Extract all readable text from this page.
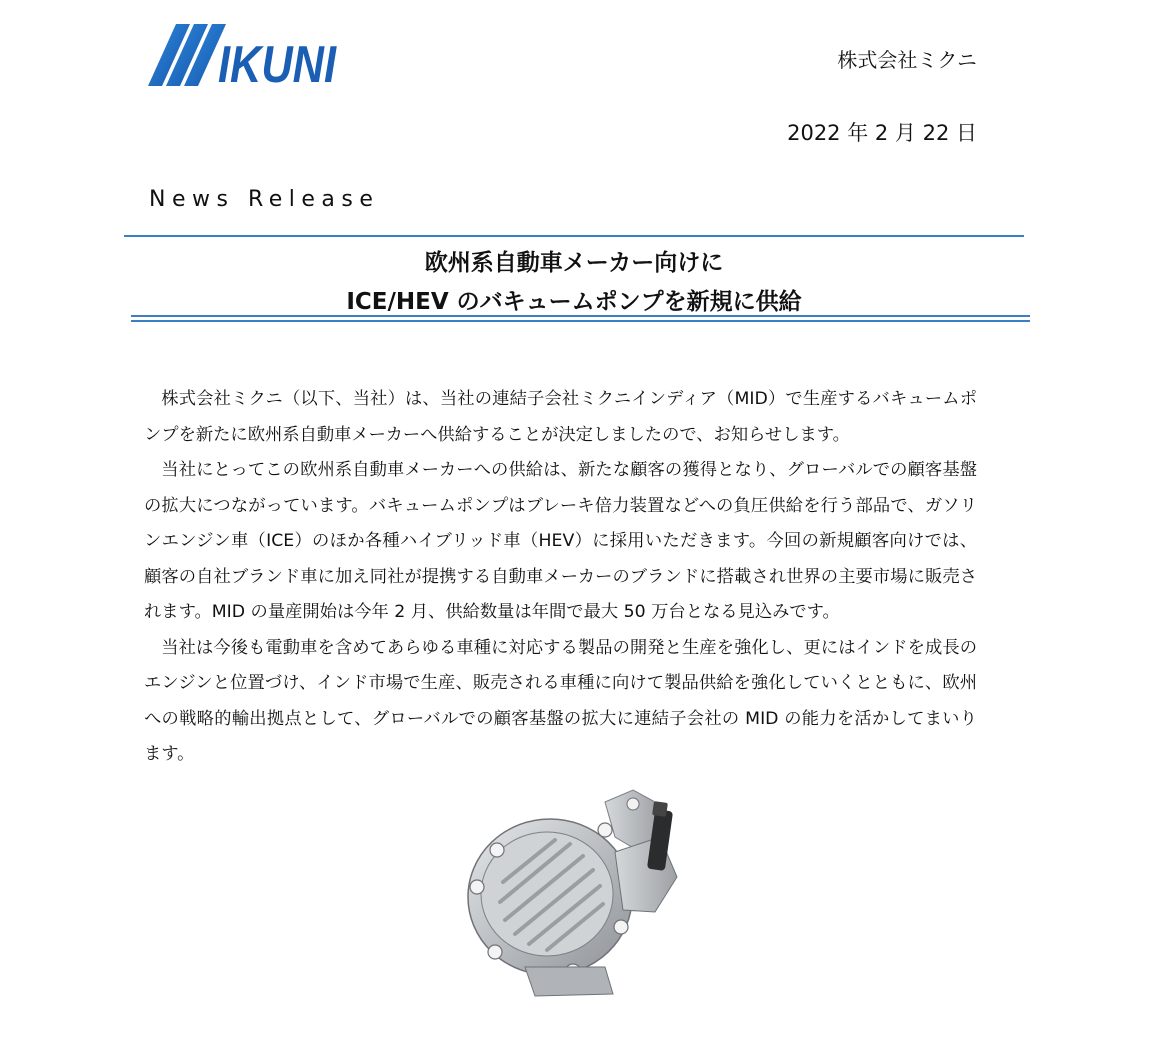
IKUNI	株式会社ミクニ
2022 年 2 月 22 日
News Release
欧州系自動車メーカー向けに
ICE/HEV のバキュームポンプを新規に供給

株式会社ミクニ（以下、当社）は、当社の連結子会社ミクニインディア（MID）で生産するバキュームポンプを新たに欧州系自動車メーカーへ供給することが決定しましたので、お知らせします。

当社にとってこの欧州系自動車メーカーへの供給は、新たな顧客の獲得となり、グローバルでの顧客基盤の拡大につながっています。バキュームポンプはブレーキ倍力装置などへの負圧供給を行う部品で、ガソリンエンジン車（ICE）のほか各種ハイブリッド車（HEV）に採用いただきます。今回の新規顧客向けでは、顧客の自社ブランド車に加え同社が提携する自動車メーカーのブランドに搭載され世界の主要市場に販売されます。MID の量産開始は今年 2 月、供給数量は年間で最大 50 万台となる見込みです。

当社は今後も電動車を含めてあらゆる車種に対応する製品の開発と生産を強化し、更にはインドを成長のエンジンと位置づけ、インド市場で生産、販売される車種に向けて製品供給を強化していくとともに、欧州への戦略的輸出拠点として、グローバルでの顧客基盤の拡大に連結子会社の MID の能力を活かしてまいります。
